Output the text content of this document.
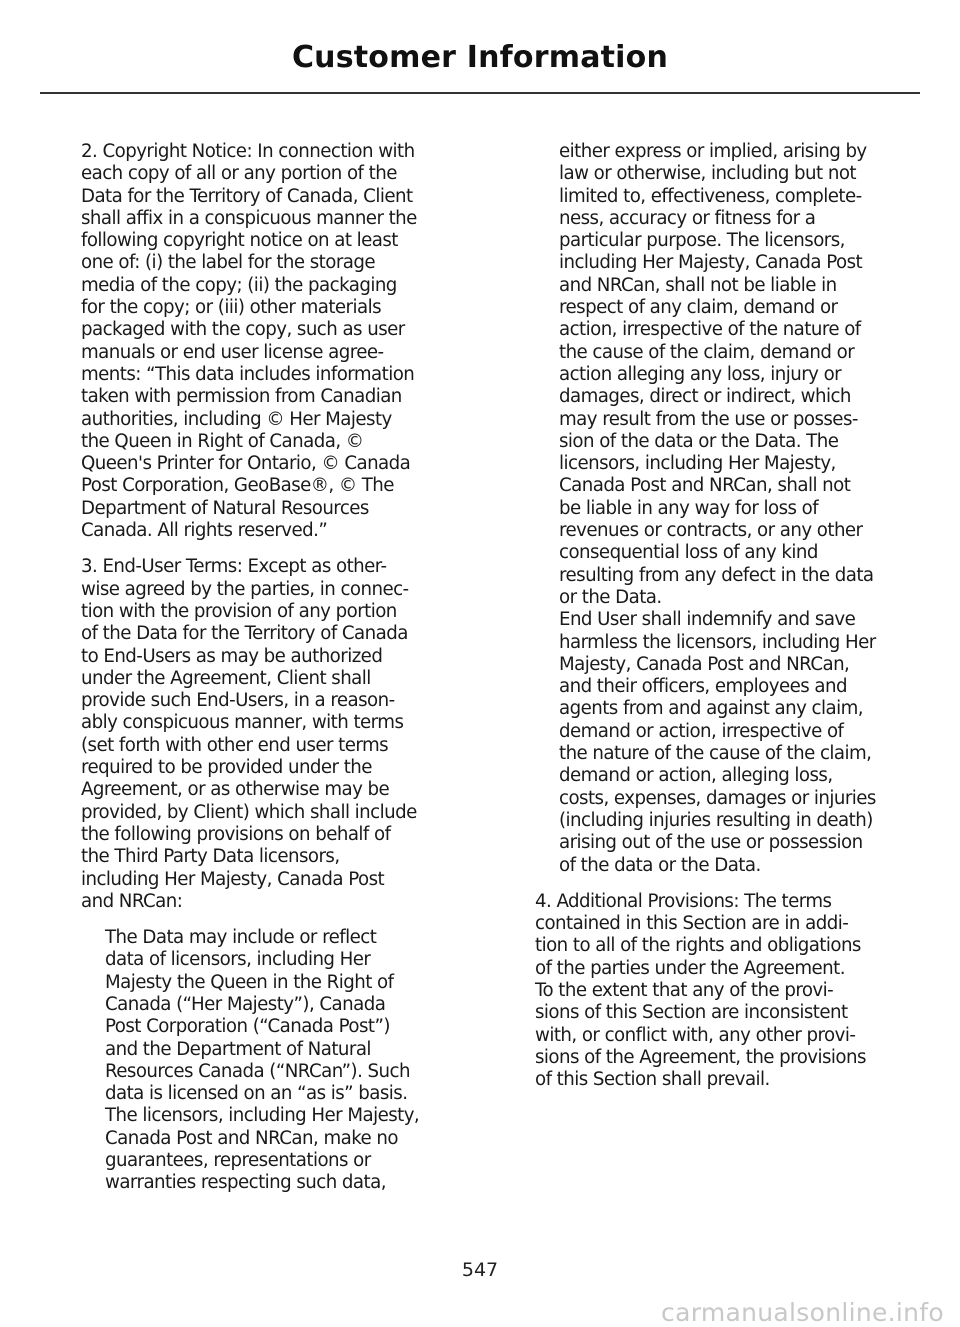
Customer Information

2. Copyright Notice: In connection with
each copy of all or any portion of the
Data for the Territory of Canada, Client
shall affix in a conspicuous manner the
following copyright notice on at least
one of: (i) the label for the storage
media of the copy; (ii) the packaging
for the copy; or (iii) other materials
packaged with the copy, such as user
manuals or end user license agree-
ments: “This data includes information
taken with permission from Canadian
authorities, including © Her Majesty
the Queen in Right of Canada, ©
Queen's Printer for Ontario, © Canada
Post Corporation, GeoBase®, © The
Department of Natural Resources
Canada. All rights reserved.”

3. End-User Terms: Except as other-
wise agreed by the parties, in connec-
tion with the provision of any portion
of the Data for the Territory of Canada
to End-Users as may be authorized
under the Agreement, Client shall
provide such End-Users, in a reason-
ably conspicuous manner, with terms
(set forth with other end user terms
required to be provided under the
Agreement, or as otherwise may be
provided, by Client) which shall include
the following provisions on behalf of
the Third Party Data licensors,
including Her Majesty, Canada Post
and NRCan:

The Data may include or reflect
data of licensors, including Her
Majesty the Queen in the Right of
Canada (“Her Majesty”), Canada
Post Corporation (“Canada Post”)
and the Department of Natural
Resources Canada (“NRCan”). Such
data is licensed on an “as is” basis.
The licensors, including Her Majesty,
Canada Post and NRCan, make no
guarantees, representations or
warranties respecting such data,

either express or implied, arising by
law or otherwise, including but not
limited to, effectiveness, complete-
ness, accuracy or fitness for a
particular purpose. The licensors,
including Her Majesty, Canada Post
and NRCan, shall not be liable in
respect of any claim, demand or
action, irrespective of the nature of
the cause of the claim, demand or
action alleging any loss, injury or
damages, direct or indirect, which
may result from the use or posses-
sion of the data or the Data. The
licensors, including Her Majesty,
Canada Post and NRCan, shall not
be liable in any way for loss of
revenues or contracts, or any other
consequential loss of any kind
resulting from any defect in the data
or the Data.
End User shall indemnify and save
harmless the licensors, including Her
Majesty, Canada Post and NRCan,
and their officers, employees and
agents from and against any claim,
demand or action, irrespective of
the nature of the cause of the claim,
demand or action, alleging loss,
costs, expenses, damages or injuries
(including injuries resulting in death)
arising out of the use or possession
of the data or the Data.

4. Additional Provisions: The terms
contained in this Section are in addi-
tion to all of the rights and obligations
of the parties under the Agreement.
To the extent that any of the provi-
sions of this Section are inconsistent
with, or conflict with, any other provi-
sions of the Agreement, the provisions
of this Section shall prevail.

547

carmanualsonline.info
